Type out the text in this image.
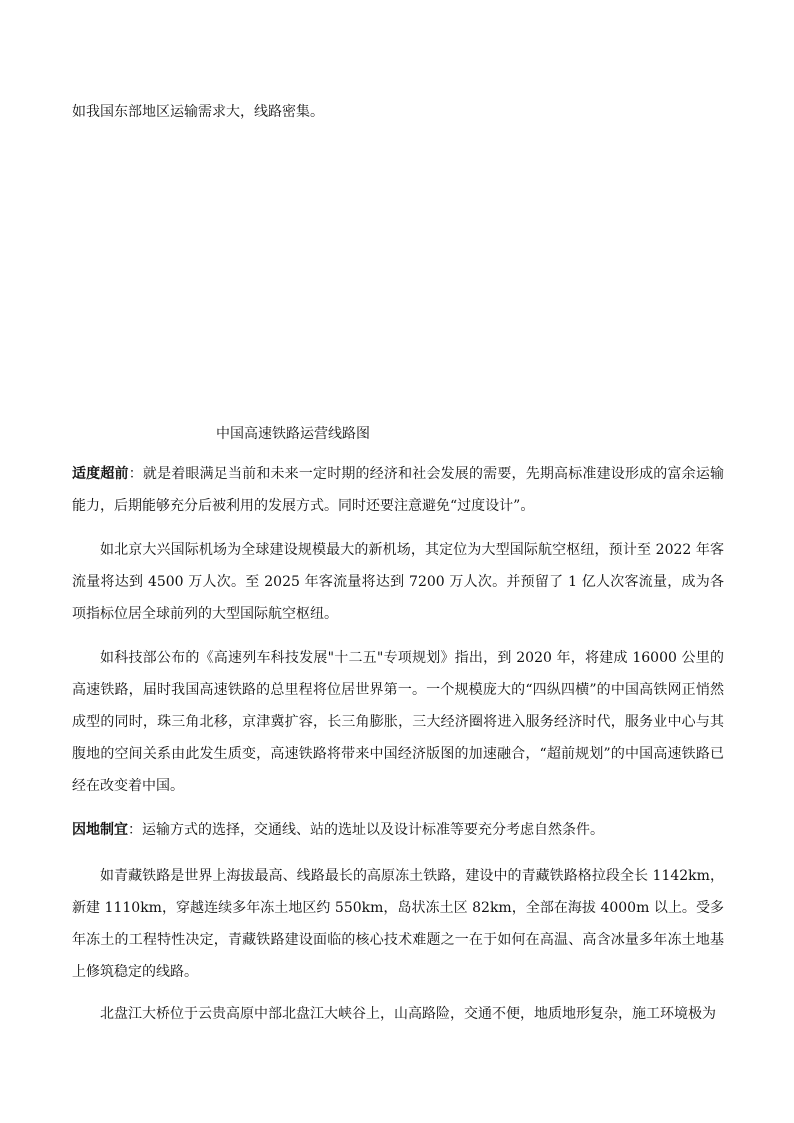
如我国东部地区运输需求大，线路密集。
中国高速铁路运营线路图
适度超前：就是着眼满足当前和未来一定时期的经济和社会发展的需要，先期高标准建设形成的富余运输能力，后期能够充分后被利用的发展方式。同时还要注意避免“过度设计”。
如北京大兴国际机场为全球建设规模最大的新机场，其定位为大型国际航空枢纽，预计至 2022 年客流量将达到 4500 万人次。至 2025 年客流量将达到 7200 万人次。并预留了 1 亿人次客流量，成为各项指标位居全球前列的大型国际航空枢纽。
如科技部公布的《高速列车科技发展"十二五"专项规划》指出，到 2020 年，将建成 16000 公里的高速铁路，届时我国高速铁路的总里程将位居世界第一。一个规模庞大的“四纵四横”的中国高铁网正悄然成型的同时，珠三角北移，京津冀扩容，长三角膨胀，三大经济圈将进入服务经济时代，服务业中心与其腹地的空间关系由此发生质变，高速铁路将带来中国经济版图的加速融合，“超前规划”的中国高速铁路已经在改变着中国。
因地制宜：运输方式的选择，交通线、站的选址以及设计标准等要充分考虑自然条件。
如青藏铁路是世界上海拔最高、线路最长的高原冻土铁路，建设中的青藏铁路格拉段全长 1142km，新建 1110km，穿越连续多年冻土地区约 550km，岛状冻土区 82km，全部在海拔 4000m 以上。受多年冻土的工程特性决定，青藏铁路建设面临的核心技术难题之一在于如何在高温、高含冰量多年冻土地基上修筑稳定的线路。
北盘江大桥位于云贵高原中部北盘江大峡谷上，山高路险，交通不便，地质地形复杂，施工环境极为
